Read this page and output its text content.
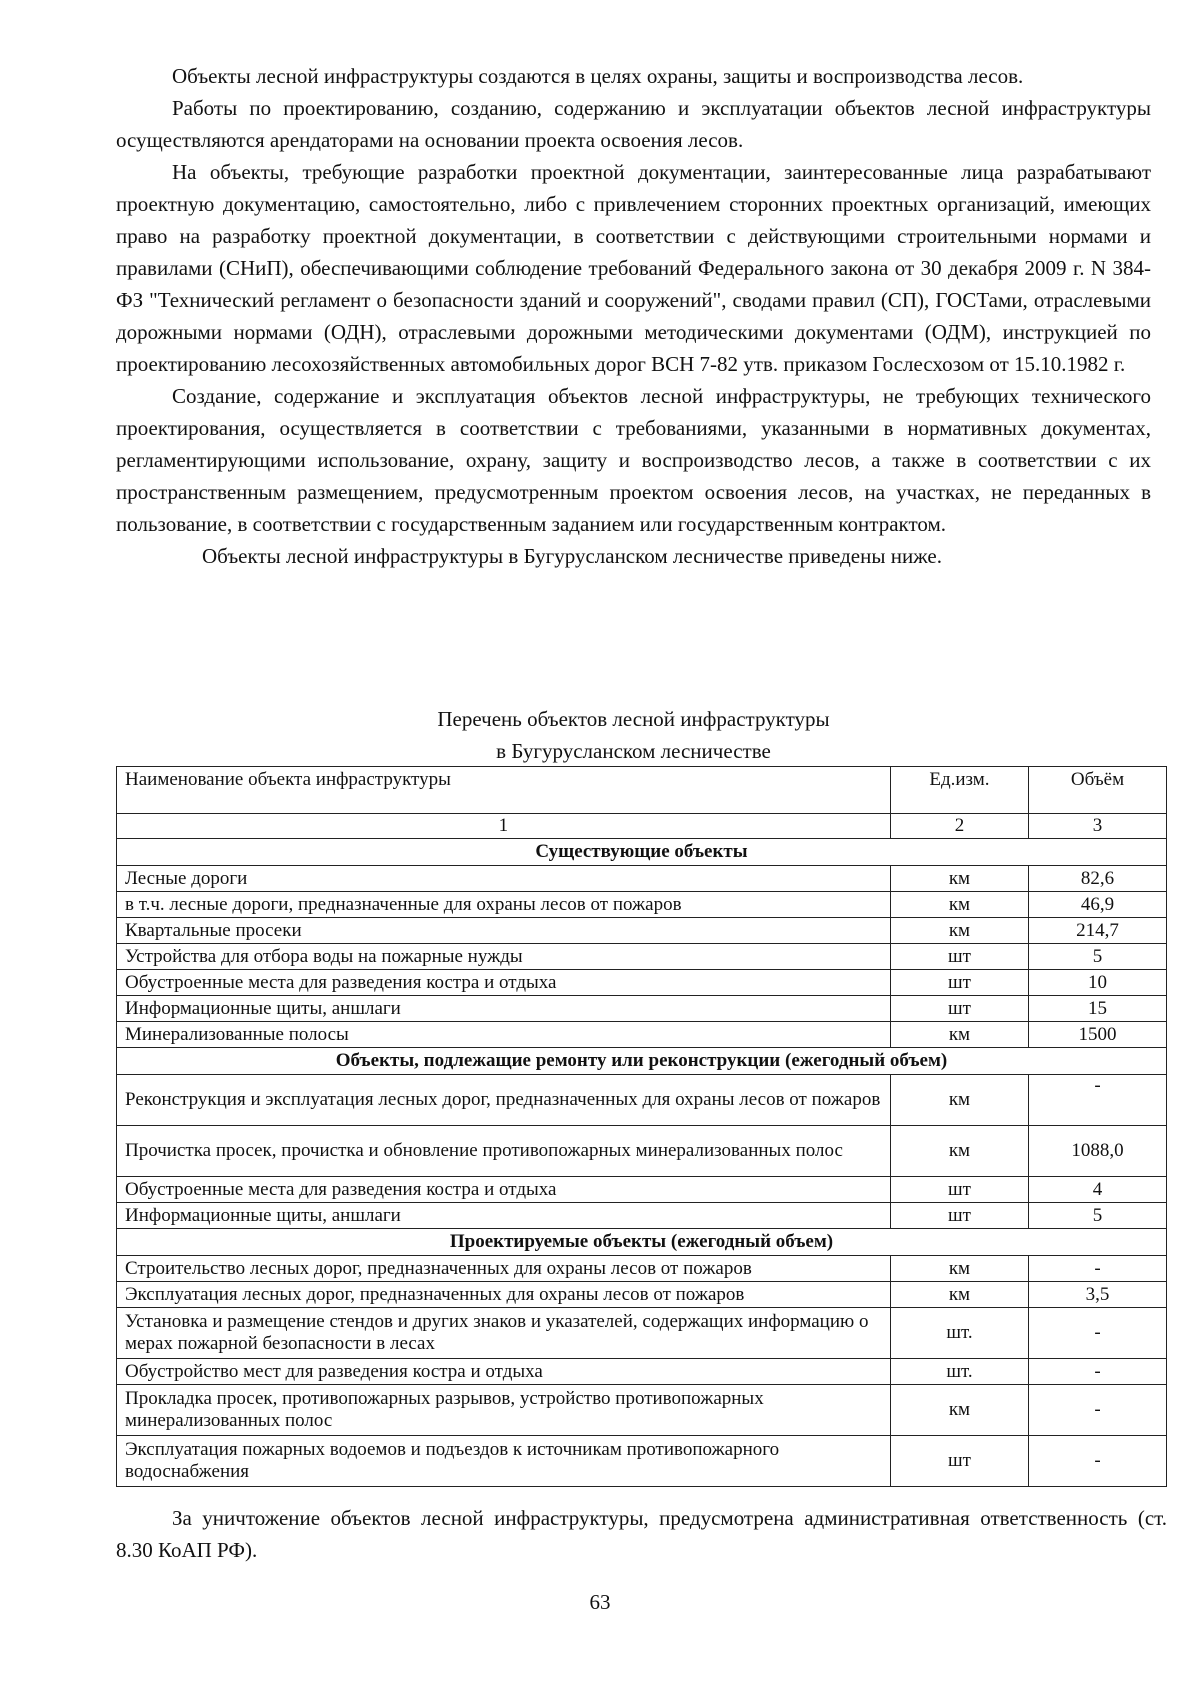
Объекты лесной инфраструктуры создаются в целях охраны, защиты и воспроизводства лесов.

Работы по проектированию, созданию, содержанию и эксплуатации объектов лесной инфраструктуры осуществляются арендаторами на основании проекта освоения лесов.

На объекты, требующие разработки проектной документации, заинтересованные лица разрабатывают проектную документацию, самостоятельно, либо с привлечением сторонних проектных организаций, имеющих право на разработку проектной документации, в соответствии с действующими строительными нормами и правилами (СНиП), обеспечивающими соблюдение требований Федерального закона от 30 декабря 2009 г. N 384-ФЗ "Технический регламент о безопасности зданий и сооружений", сводами правил (СП), ГОСТами, отраслевыми дорожными нормами (ОДН), отраслевыми дорожными методическими документами (ОДМ), инструкцией по проектированию лесохозяйственных автомобильных дорог ВСН 7-82 утв. приказом Гослесхозом от 15.10.1982 г.

Создание, содержание и эксплуатация объектов лесной инфраструктуры, не требующих технического проектирования, осуществляется в соответствии с требованиями, указанными в нормативных документах, регламентирующими использование, охрану, защиту и воспроизводство лесов, а также в соответствии с их пространственным размещением, предусмотренным проектом освоения лесов, на участках, не переданных в пользование, в соответствии с государственным заданием или государственным контрактом.

Объекты лесной инфраструктуры в Бугурусланском лесничестве приведены ниже.

Перечень объектов лесной инфраструктуры
в Бугурусланском лесничестве
Наименование объекта инфраструктуры	Ед.изм.	Объём
1	2	3
Существующие объекты		
Лесные дороги	км	82,6
в т.ч. лесные дороги, предназначенные для охраны лесов от пожаров	км	46,9
Квартальные просеки	км	214,7
Устройства для отбора воды на пожарные нужды	шт	5
Обустроенные места для разведения костра и отдыха	шт	10
Информационные щиты, аншлаги	шт	15
Минерализованные полосы	км	1500
Объекты, подлежащие ремонту или реконструкции (ежегодный объем)		
Реконструкция и эксплуатация лесных дорог, предназначенных для охраны лесов от пожаров	км	-
Прочистка просек, прочистка и обновление противопожарных минерализованных полос	км	1088,0
Обустроенные места для разведения костра и отдыха	шт	4
Информационные щиты, аншлаги	шт	5
Проектируемые объекты (ежегодный объем)		
Строительство лесных дорог, предназначенных для охраны лесов от пожаров	км	-
Эксплуатация лесных дорог, предназначенных для охраны лесов от пожаров	км	3,5
Установка и размещение стендов и других знаков и указателей, содержащих информацию о мерах пожарной безопасности в лесах	шт.	-
Обустройство мест для разведения костра и отдыха	шт.	-
Прокладка просек, противопожарных разрывов, устройство противопожарных минерализованных полос	км	-
Эксплуатация пожарных водоемов и подъездов к источникам противопожарного водоснабжения	шт	-

За уничтожение объектов лесной инфраструктуры, предусмотрена административная ответственность (ст. 8.30 КоАП РФ).

63
